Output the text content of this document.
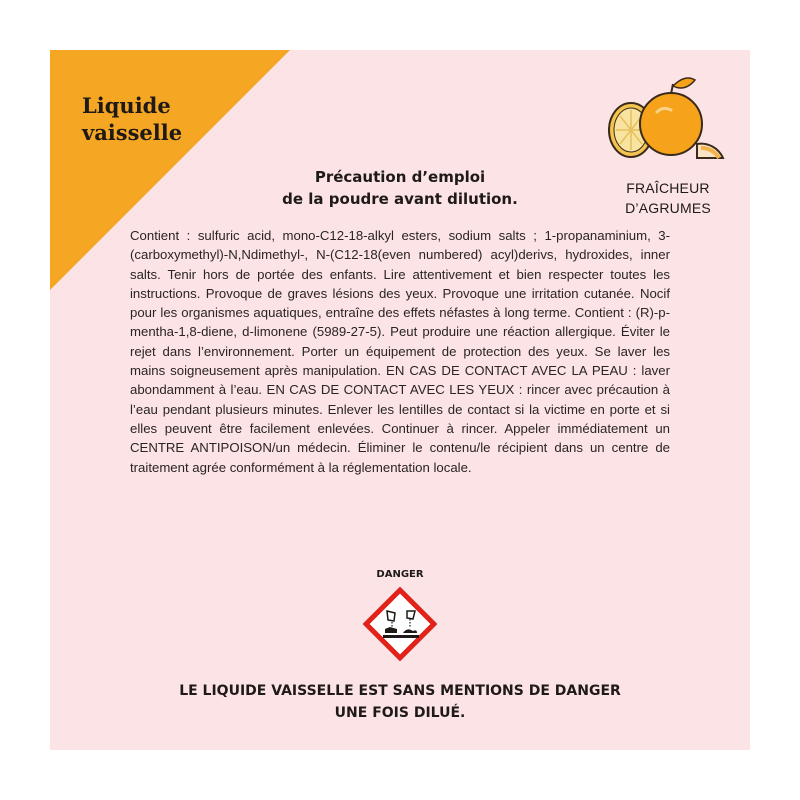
Liquide
vaisselle
FRAÎCHEUR
D’AGRUMES
Précaution d’emploi
de la poudre avant dilution.

Contient : sulfuric acid, mono-C12-18-alkyl esters, sodium salts ; 1-propanaminium, 3-(carboxymethyl)-N,Ndimethyl-, N-(C12-18(even numbered) acyl)derivs, hydroxides, inner salts. Tenir hors de portée des enfants. Lire attentivement et bien respecter toutes les instructions. Provoque de graves lésions des yeux. Provoque une irritation cutanée. Nocif pour les organismes aquatiques, entraîne des effets néfastes à long terme. Contient : (R)-p-mentha-1,8-diene, d-limonene (5989-27-5). Peut produire une réaction allergique. Éviter le rejet dans l’environnement. Porter un équipement de protection des yeux. Se laver les mains soigneusement après manipulation. EN CAS DE CONTACT AVEC LA PEAU : laver abondamment à l’eau. EN CAS DE CONTACT AVEC LES YEUX : rincer avec précaution à l’eau pendant plusieurs minutes. Enlever les lentilles de contact si la victime en porte et si elles peuvent être facilement enlevées. Continuer à rincer. Appeler immédiatement un CENTRE ANTIPOISON/un médecin. Éliminer le contenu/le récipient dans un centre de traitement agrée conformément à la réglementation locale.

DANGER
LE LIQUIDE VAISSELLE EST SANS MENTIONS DE DANGER
UNE FOIS DILUÉ.
